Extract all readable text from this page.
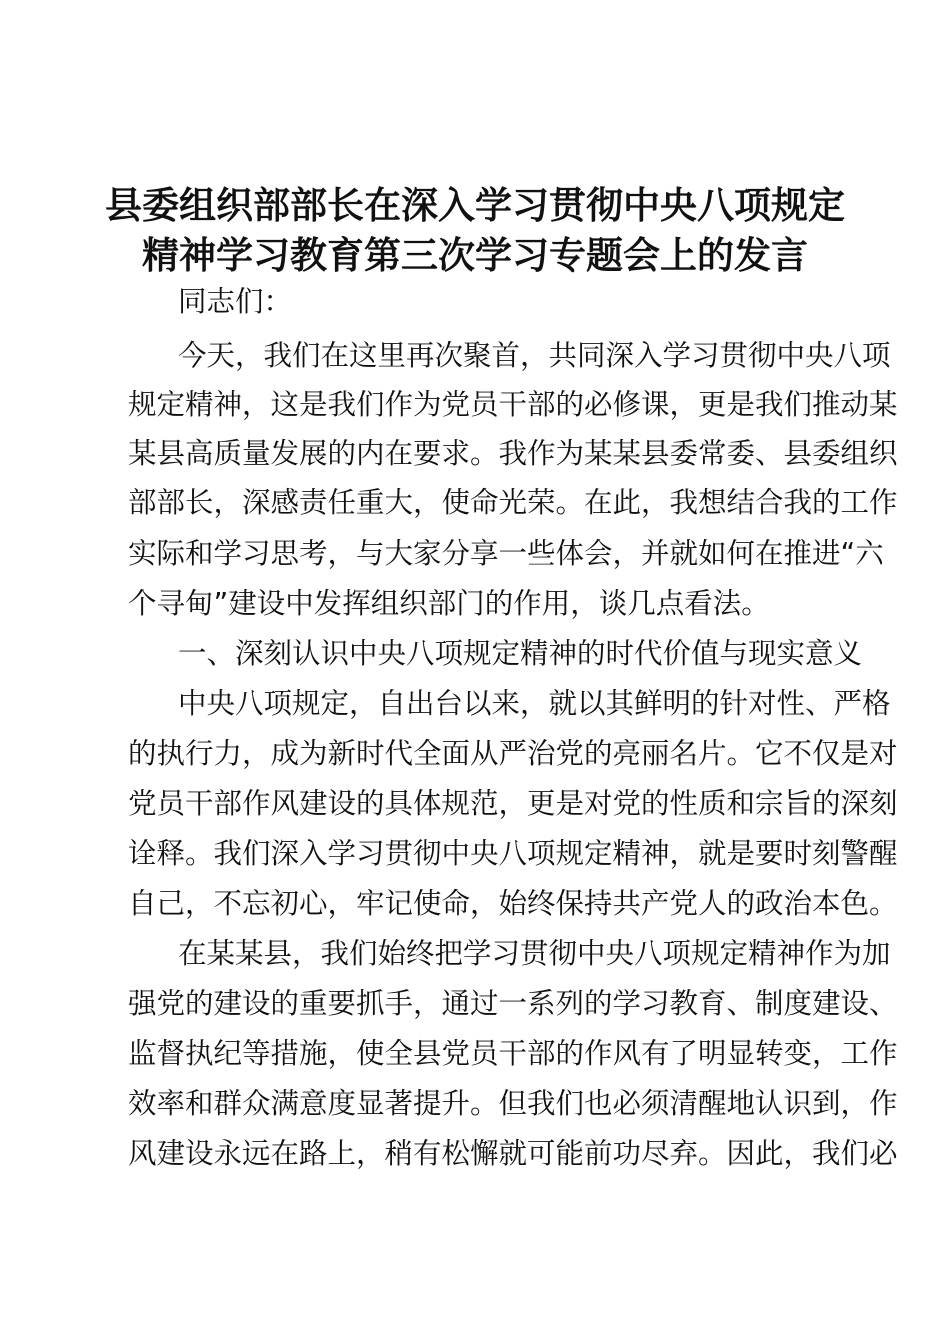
县委组织部部长在深入学习贯彻中央八项规定
精神学习教育第三次学习专题会上的发言
同志们：
今天，我们在这里再次聚首，共同深入学习贯彻中央八项
规定精神，这是我们作为党员干部的必修课，更是我们推动某
某县高质量发展的内在要求。我作为某某县委常委、县委组织
部部长，深感责任重大，使命光荣。在此，我想结合我的工作
实际和学习思考，与大家分享一些体会，并就如何在推进“六
个寻甸”建设中发挥组织部门的作用，谈几点看法。
一、深刻认识中央八项规定精神的时代价值与现实意义
中央八项规定，自出台以来，就以其鲜明的针对性、严格
的执行力，成为新时代全面从严治党的亮丽名片。它不仅是对
党员干部作风建设的具体规范，更是对党的性质和宗旨的深刻
诠释。我们深入学习贯彻中央八项规定精神，就是要时刻警醒
自己，不忘初心，牢记使命，始终保持共产党人的政治本色。
在某某县，我们始终把学习贯彻中央八项规定精神作为加
强党的建设的重要抓手，通过一系列的学习教育、制度建设、
监督执纪等措施，使全县党员干部的作风有了明显转变，工作
效率和群众满意度显著提升。但我们也必须清醒地认识到，作
风建设永远在路上，稍有松懈就可能前功尽弃。因此，我们必
